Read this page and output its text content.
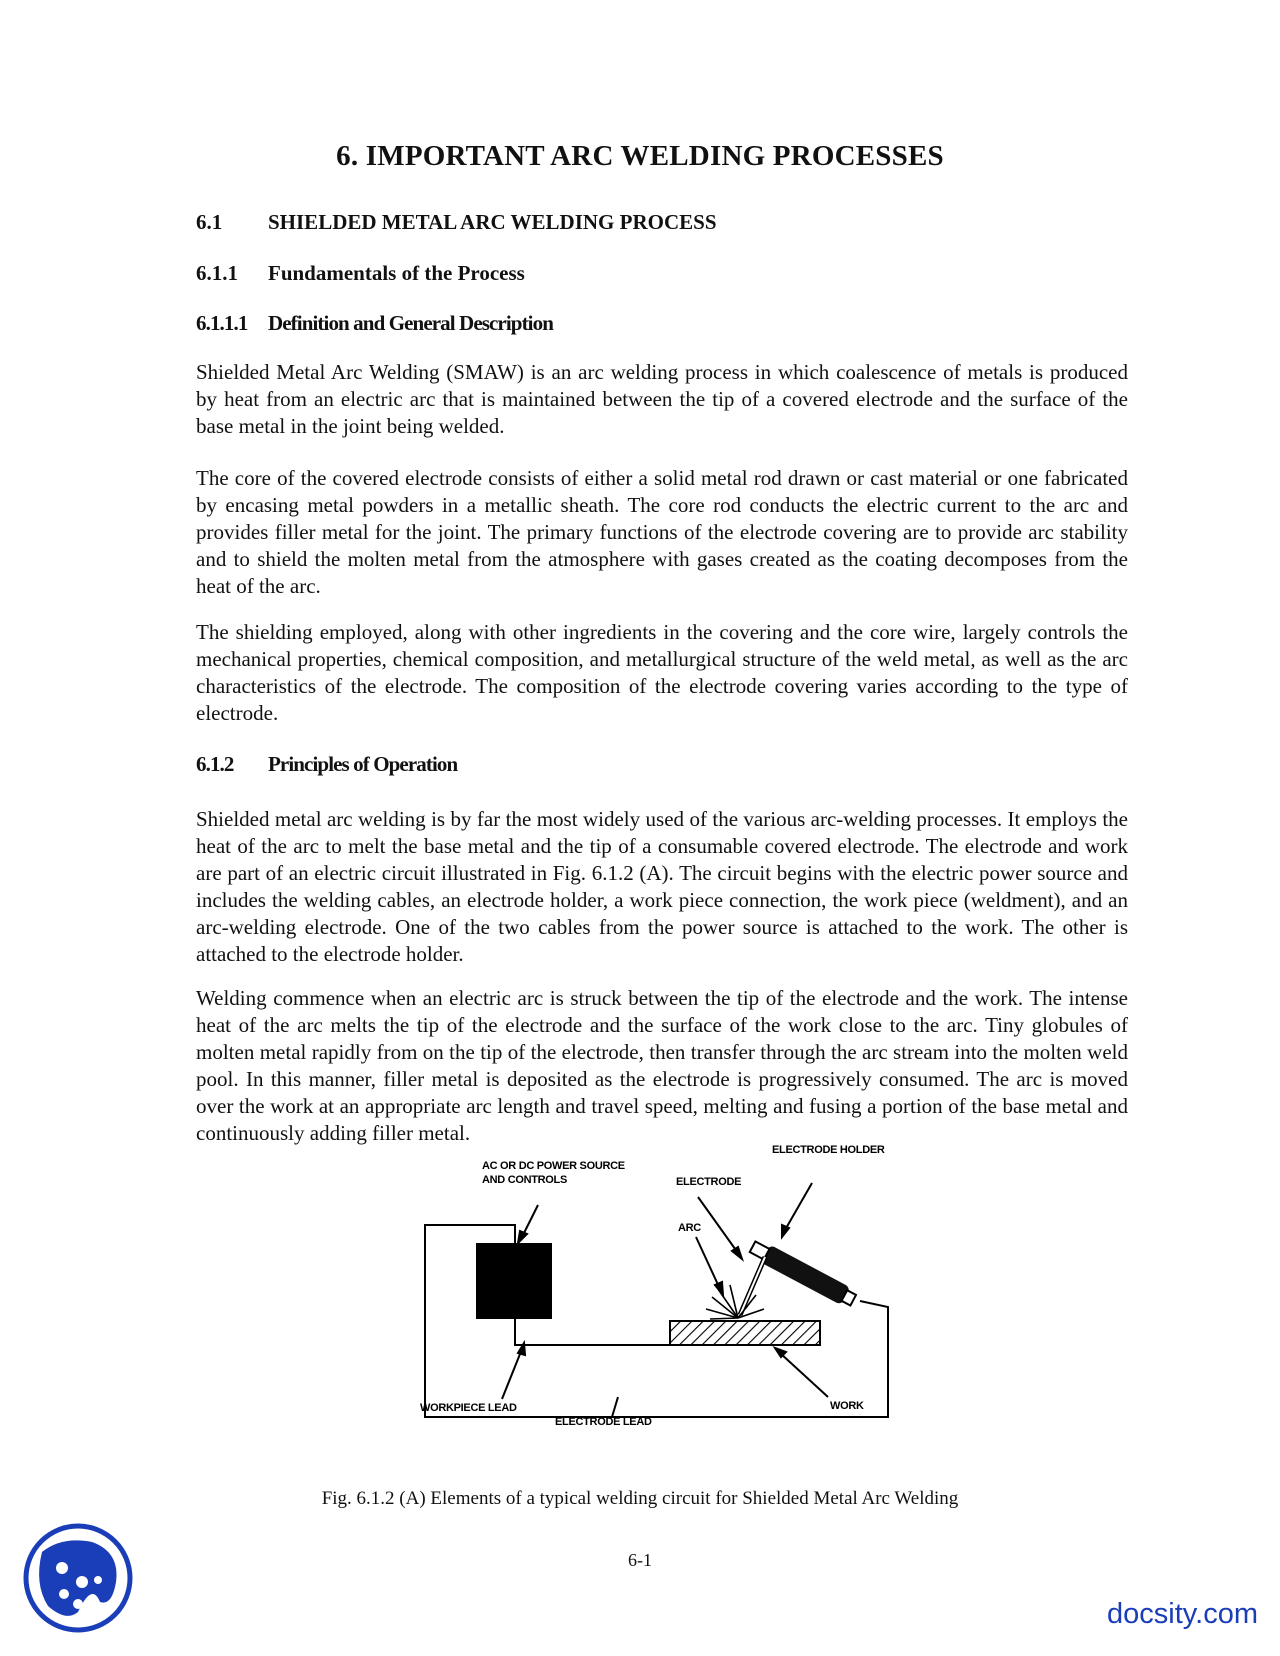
6. IMPORTANT ARC WELDING PROCESSES
6.1 SHIELDED METAL ARC WELDING PROCESS
6.1.1 Fundamentals of the Process
6.1.1.1 Definition and General Description

Shielded Metal Arc Welding (SMAW) is an arc welding process in which coalescence of metals is produced by heat from an electric arc that is maintained between the tip of a covered electrode and the surface of the base metal in the joint being welded.

The core of the covered electrode consists of either a solid metal rod drawn or cast material or one fabricated by encasing metal powders in a metallic sheath. The core rod conducts the electric current to the arc and provides filler metal for the joint. The primary functions of the electrode covering are to provide arc stability and to shield the molten metal from the atmosphere with gases created as the coating decomposes from the heat of the arc.

The shielding employed, along with other ingredients in the covering and the core wire, largely controls the mechanical properties, chemical composition, and metallurgical structure of the weld metal, as well as the arc characteristics of the electrode. The composition of the electrode covering varies according to the type of electrode.

6.1.2 Principles of Operation

Shielded metal arc welding is by far the most widely used of the various arc-welding processes. It employs the heat of the arc to melt the base metal and the tip of a consumable covered electrode. The electrode and work are part of an electric circuit illustrated in Fig. 6.1.2 (A). The circuit begins with the electric power source and includes the welding cables, an electrode holder, a work piece connection, the work piece (weldment), and an arc-welding electrode. One of the two cables from the power source is attached to the work. The other is attached to the electrode holder.

Welding commence when an electric arc is struck between the tip of the electrode and the work. The intense heat of the arc melts the tip of the electrode and the surface of the work close to the arc. Tiny globules of molten metal rapidly from on the tip of the electrode, then transfer through the arc stream into the molten weld pool. In this manner, filler metal is deposited as the electrode is progressively consumed. The arc is moved over the work at an appropriate arc length and travel speed, melting and fusing a portion of the base metal and continuously adding filler metal.

AC OR DC POWER SOURCE
AND CONTROLS
ELECTRODE HOLDER
ELECTRODE
ARC
WORKPIECE LEAD
ELECTRODE LEAD
WORK
Fig. 6.1.2 (A) Elements of a typical welding circuit for Shielded Metal Arc Welding
6-1
docsity.com
